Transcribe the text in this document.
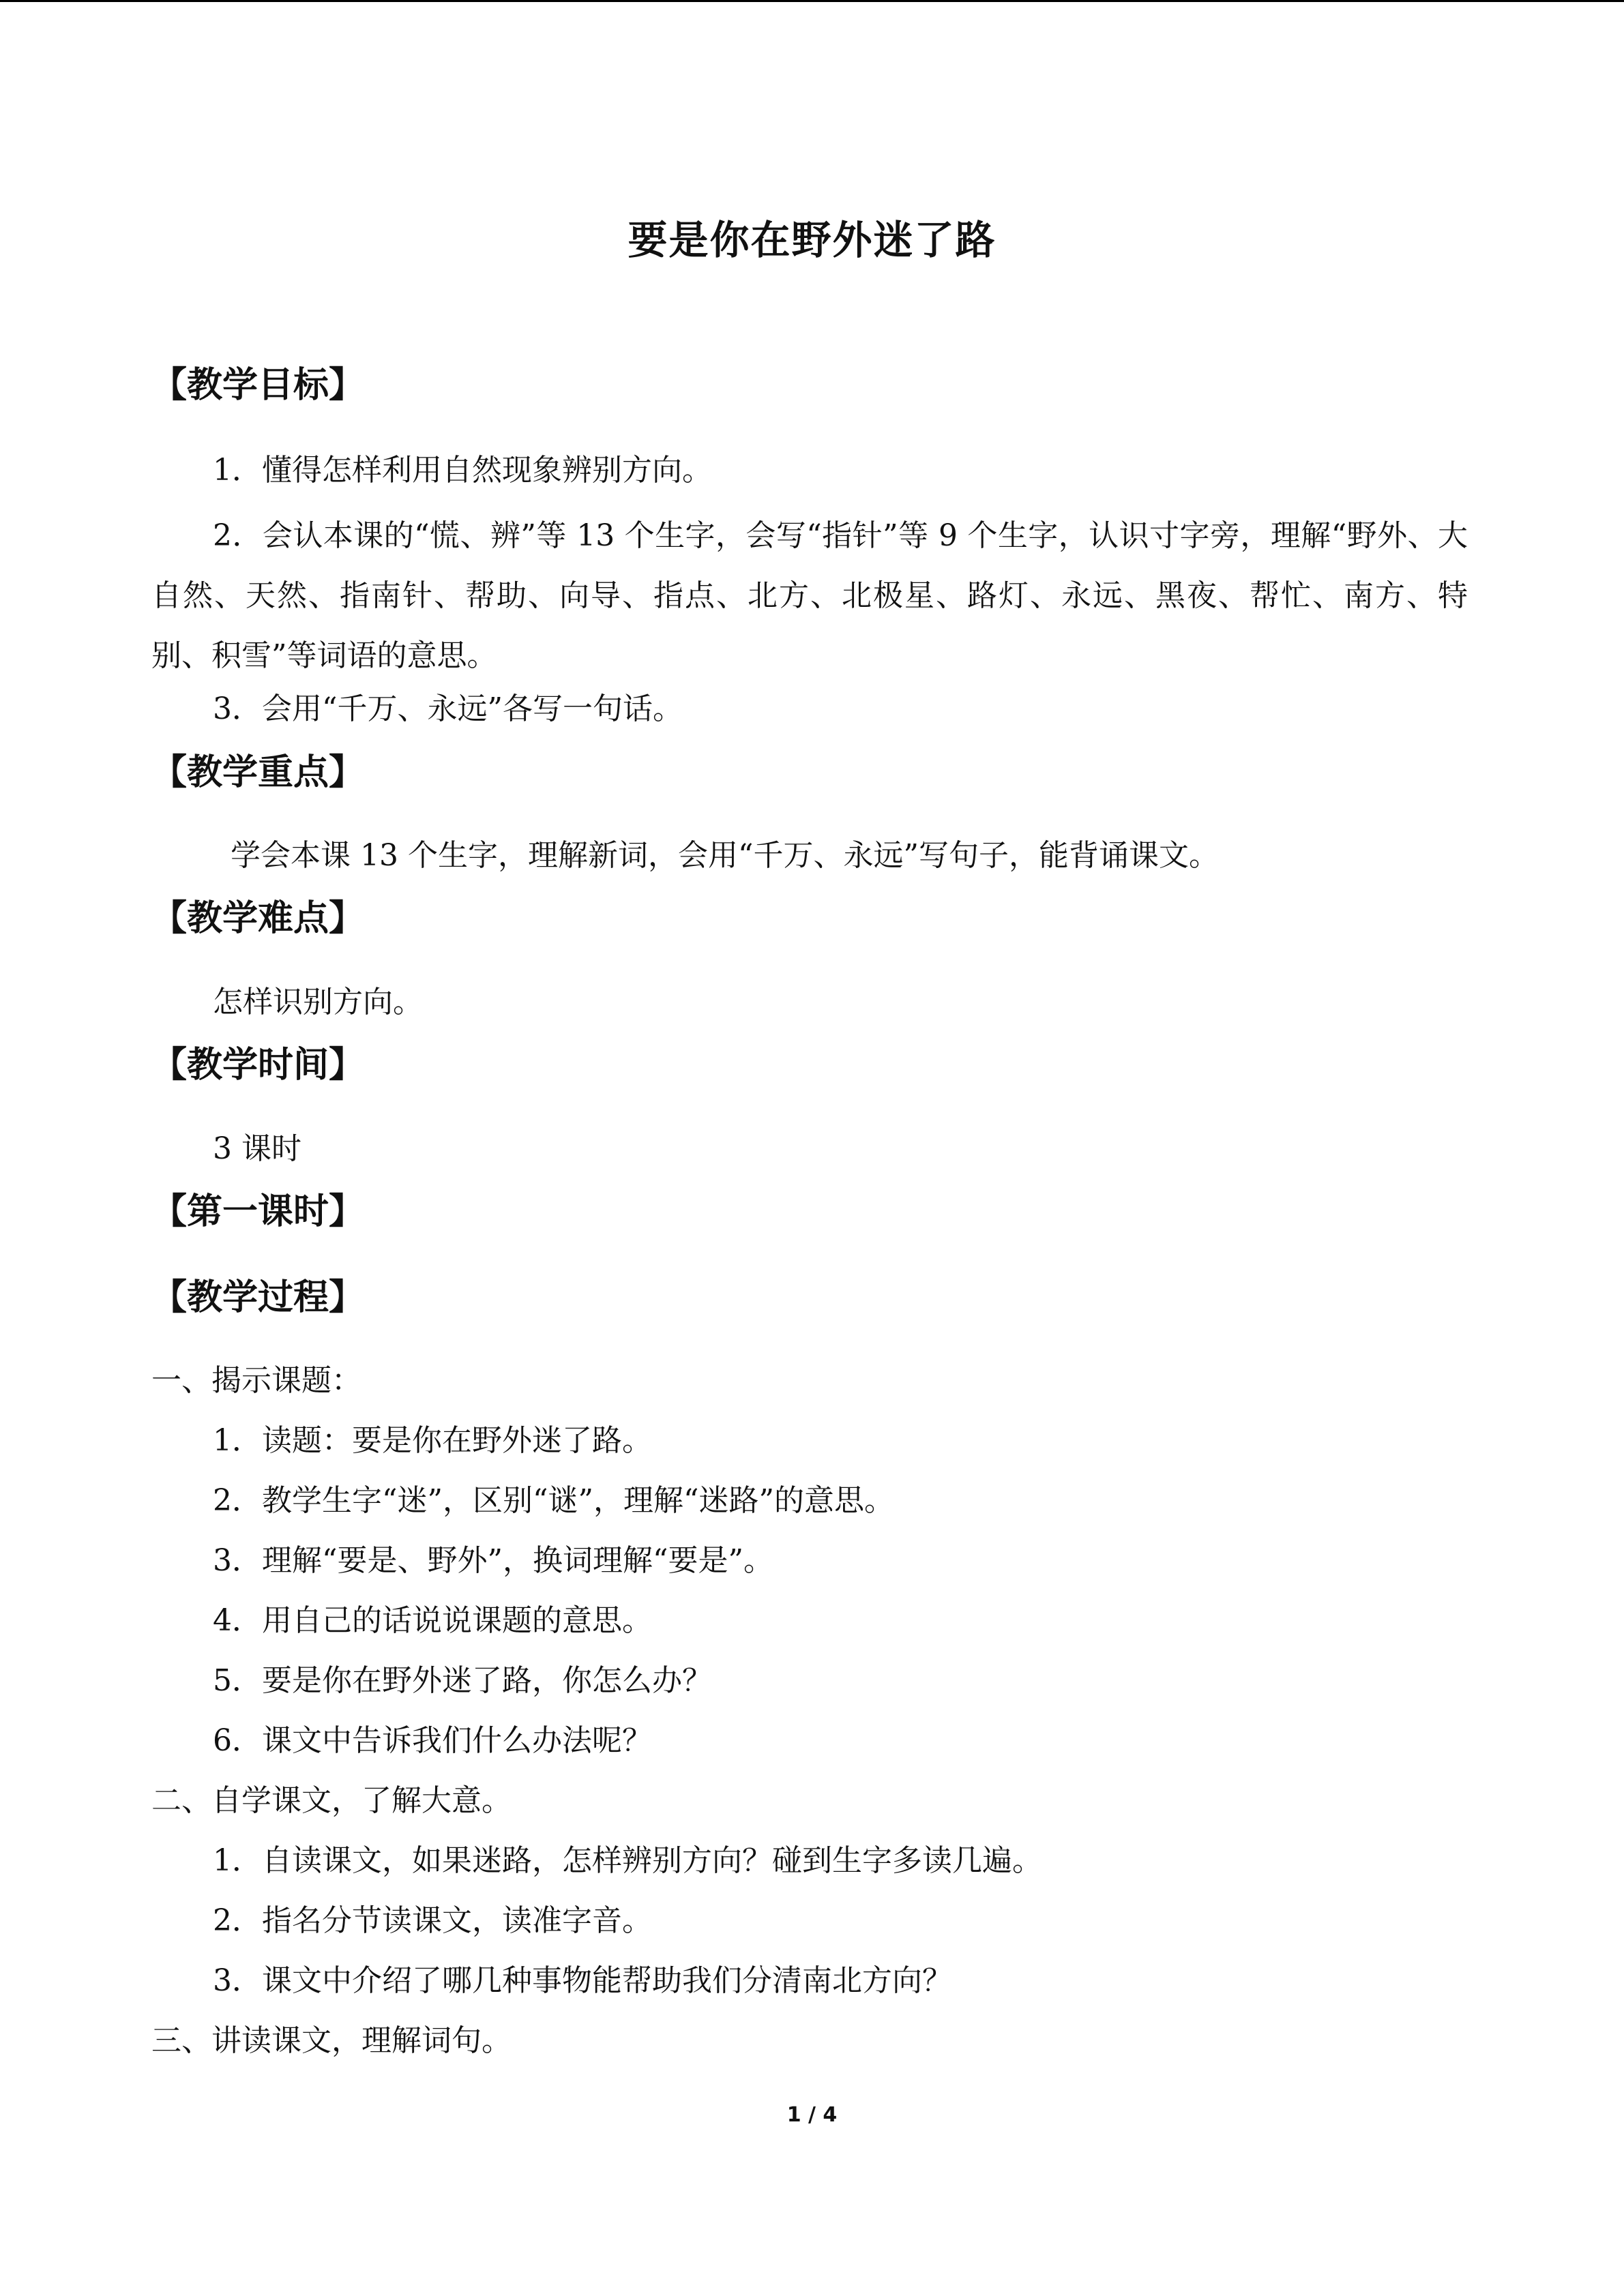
要是你在野外迷了路
【教学目标】
1．懂得怎样利用自然现象辨别方向。
2．会认本课的“慌、辨”等 13 个生字，会写“指针”等 9 个生字，认识寸字旁，理解“野外、大自然、天然、指南针、帮助、向导、指点、北方、北极星、路灯、永远、黑夜、帮忙、南方、特别、积雪”等词语的意思。
3．会用“千万、永远”各写一句话。
【教学重点】
学会本课 13 个生字，理解新词，会用“千万、永远”写句子，能背诵课文。
【教学难点】
怎样识别方向。
【教学时间】
3 课时
【第一课时】
【教学过程】
一、揭示课题：
1．读题：要是你在野外迷了路。
2．教学生字“迷”，区别“谜”，理解“迷路”的意思。
3．理解“要是、野外”，换词理解“要是”。
4．用自己的话说说课题的意思。
5．要是你在野外迷了路，你怎么办？
6．课文中告诉我们什么办法呢？
二、自学课文，了解大意。
1．自读课文，如果迷路，怎样辨别方向？碰到生字多读几遍。
2．指名分节读课文，读准字音。
3．课文中介绍了哪几种事物能帮助我们分清南北方向？
三、讲读课文，理解词句。
1 / 4
